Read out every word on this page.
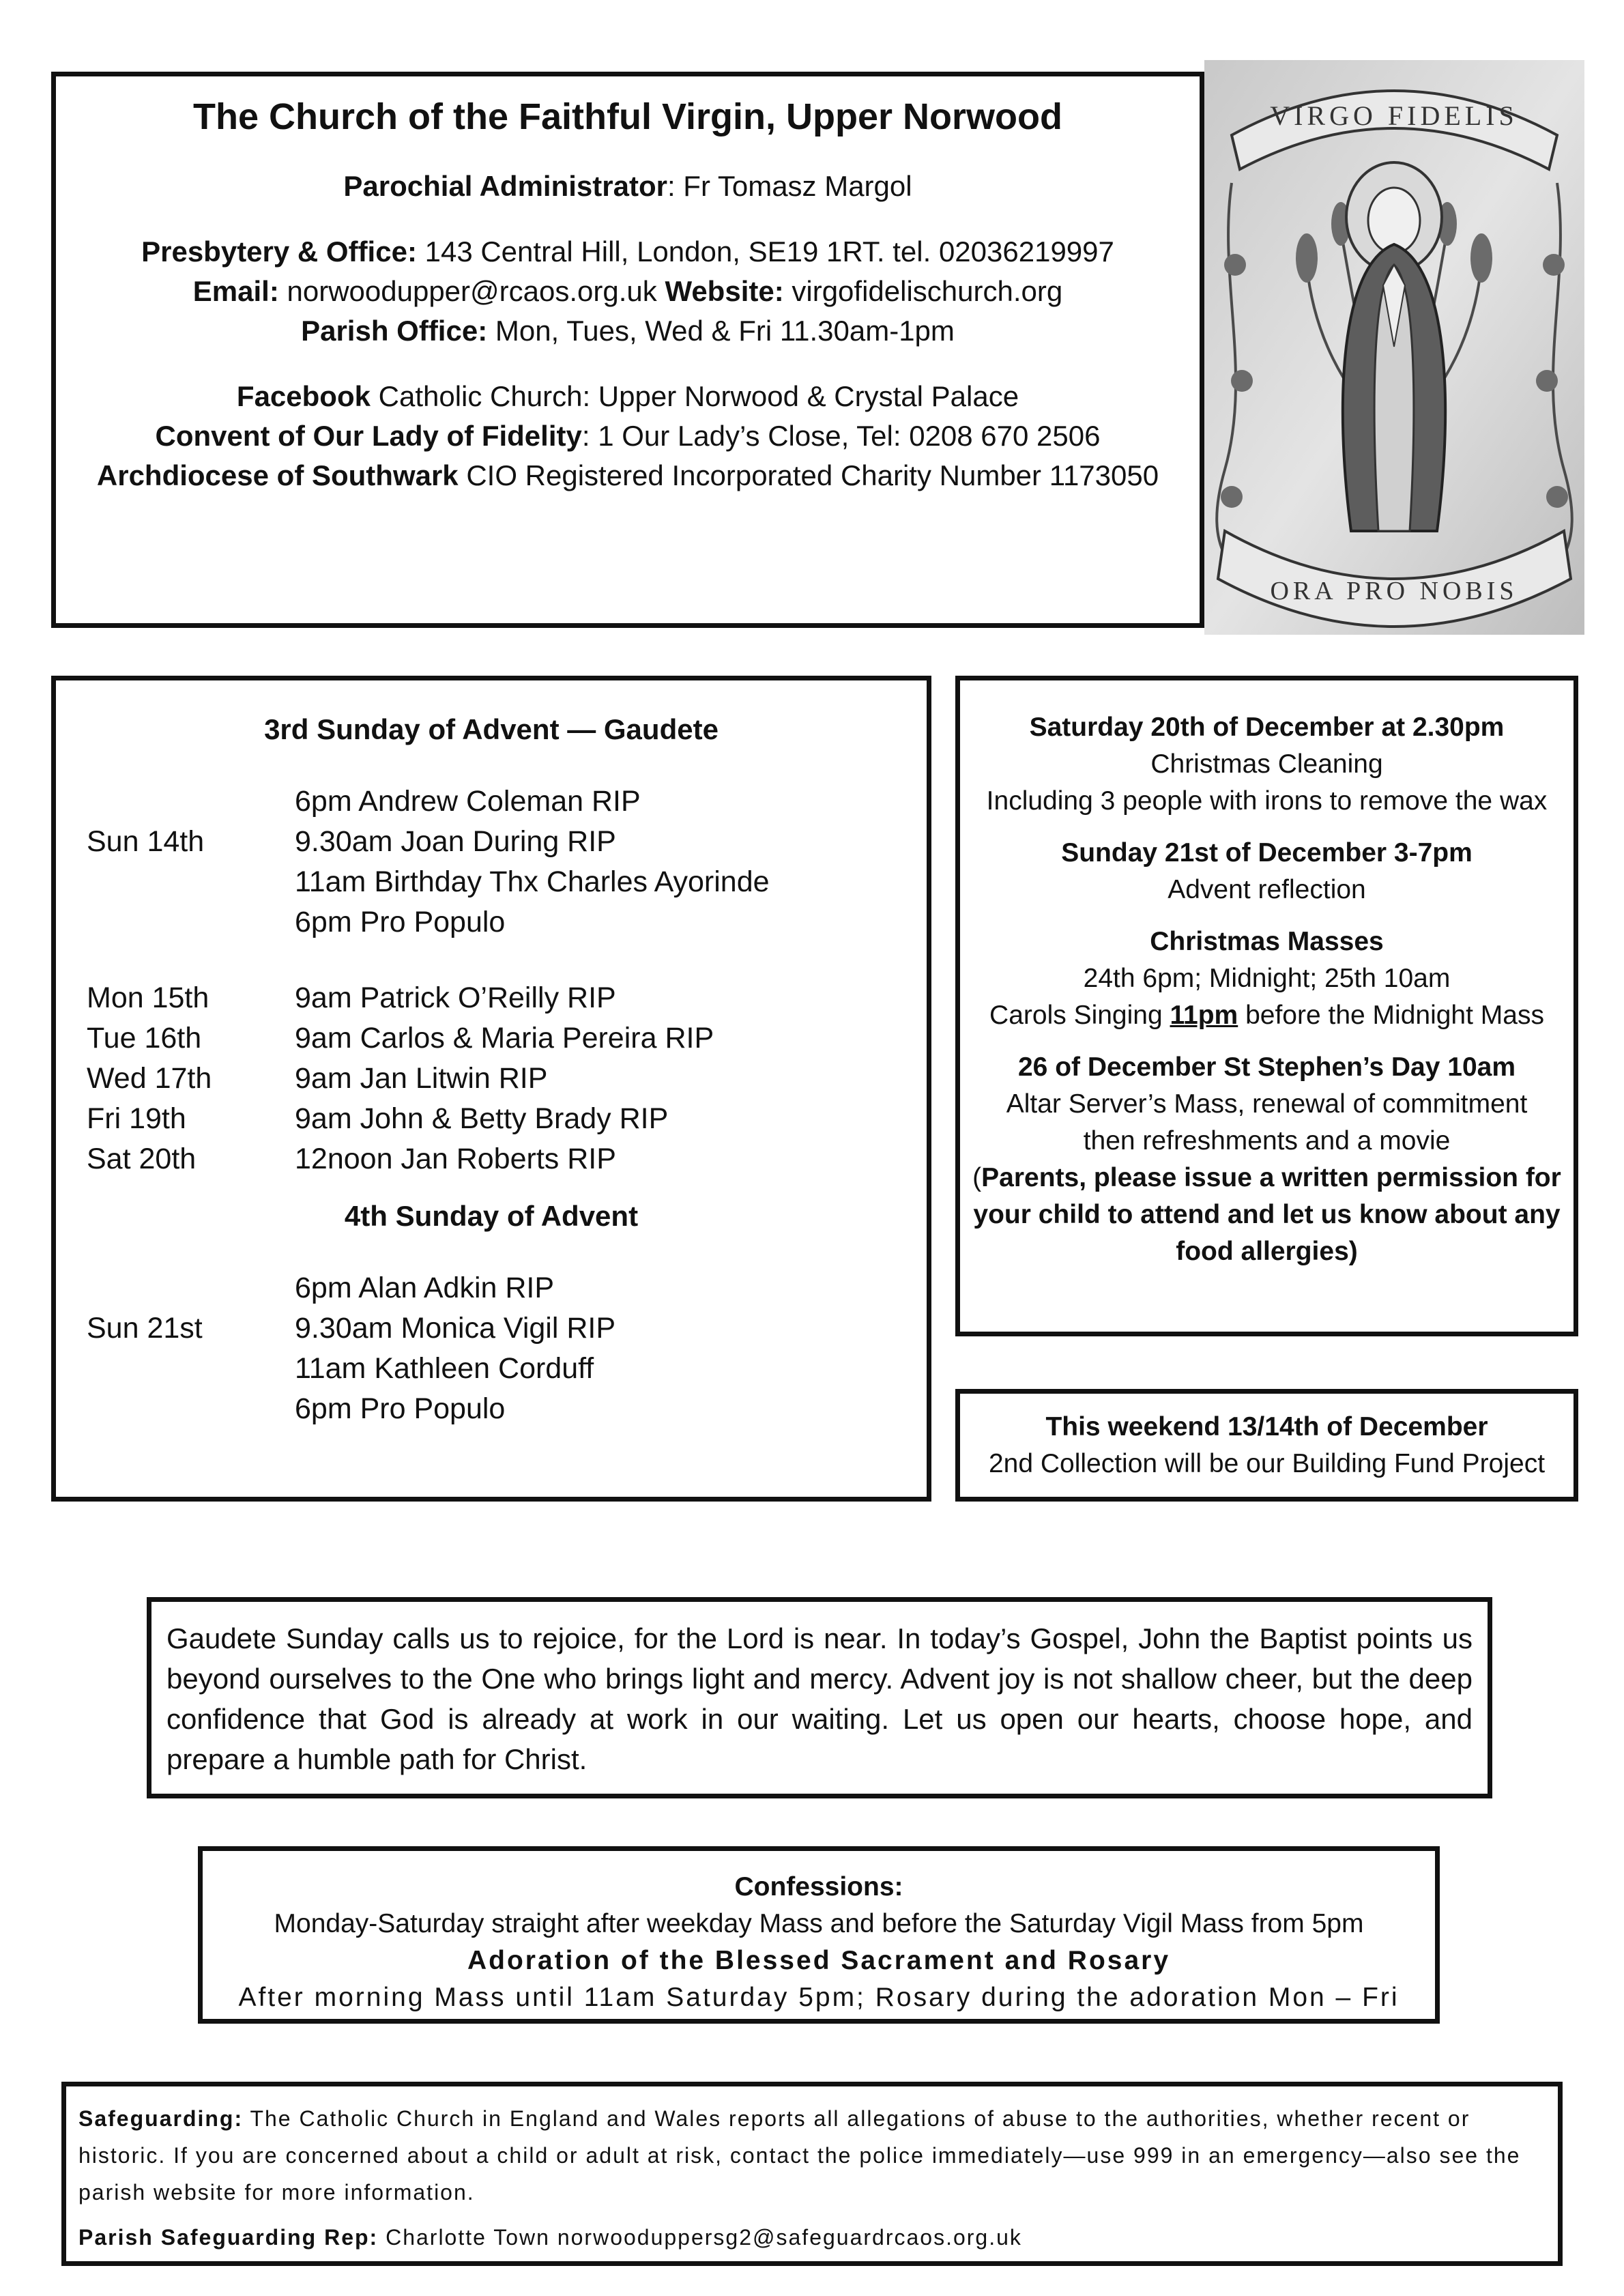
The Church of the Faithful Virgin, Upper Norwood
Parochial Administrator: Fr Tomasz Margol
Presbytery & Office: 143 Central Hill, London, SE19 1RT. tel. 02036219997
Email: norwoodupper@rcaos.org.uk Website: virgofidelischurch.org
Parish Office: Mon, Tues, Wed & Fri 11.30am-1pm
Facebook Catholic Church: Upper Norwood & Crystal Palace
Convent of Our Lady of Fidelity: 1 Our Lady’s Close, Tel: 0208 670 2506
Archdiocese of Southwark CIO Registered Incorporated Charity Number 1173050
VIRGO FIDELIS
ORA PRO NOBIS
3rd Sunday of Advent — Gaudete
6pm Andrew Coleman RIP
Sun 14th	9.30am Joan During RIP
11am Birthday Thx Charles Ayorinde
6pm Pro Populo
Mon 15th	9am Patrick O’Reilly RIP
Tue 16th	9am Carlos & Maria Pereira RIP
Wed 17th	9am Jan Litwin RIP
Fri 19th	9am John & Betty Brady RIP
Sat 20th	12noon Jan Roberts RIP
4th Sunday of Advent
6pm Alan Adkin RIP
Sun 21st	9.30am Monica Vigil RIP
11am Kathleen Corduff
6pm Pro Populo
Saturday 20th of December at 2.30pm
Christmas Cleaning
Including 3 people with irons to remove the wax
Sunday 21st of December 3-7pm
Advent reflection
Christmas Masses
24th 6pm; Midnight; 25th 10am
Carols Singing 11pm before the Midnight Mass
26 of December St Stephen’s Day 10am
Altar Server’s Mass, renewal of commitment
then refreshments and a movie
(Parents, please issue a written permission for your child to attend and let us know about any food allergies)
This weekend 13/14th of December
2nd Collection will be our Building Fund Project
Gaudete Sunday calls us to rejoice, for the Lord is near. In today’s Gospel, John the Baptist points us beyond ourselves to the One who brings light and mercy. Advent joy is not shallow cheer, but the deep confidence that God is already at work in our waiting. Let us open our hearts, choose hope, and prepare a humble path for Christ.
Confessions:
Monday-Saturday straight after weekday Mass and before the Saturday Vigil Mass from 5pm
Adoration of the Blessed Sacrament and Rosary
After morning Mass until 11am Saturday 5pm; Rosary during the adoration Mon – Fri
Safeguarding: The Catholic Church in England and Wales reports all allegations of abuse to the authorities, whether recent or historic. If you are concerned about a child or adult at risk, contact the police immediately—use 999 in an emergency—also see the parish website for more information.
Parish Safeguarding Rep: Charlotte Town norwooduppersg2@safeguardrcaos.org.uk
